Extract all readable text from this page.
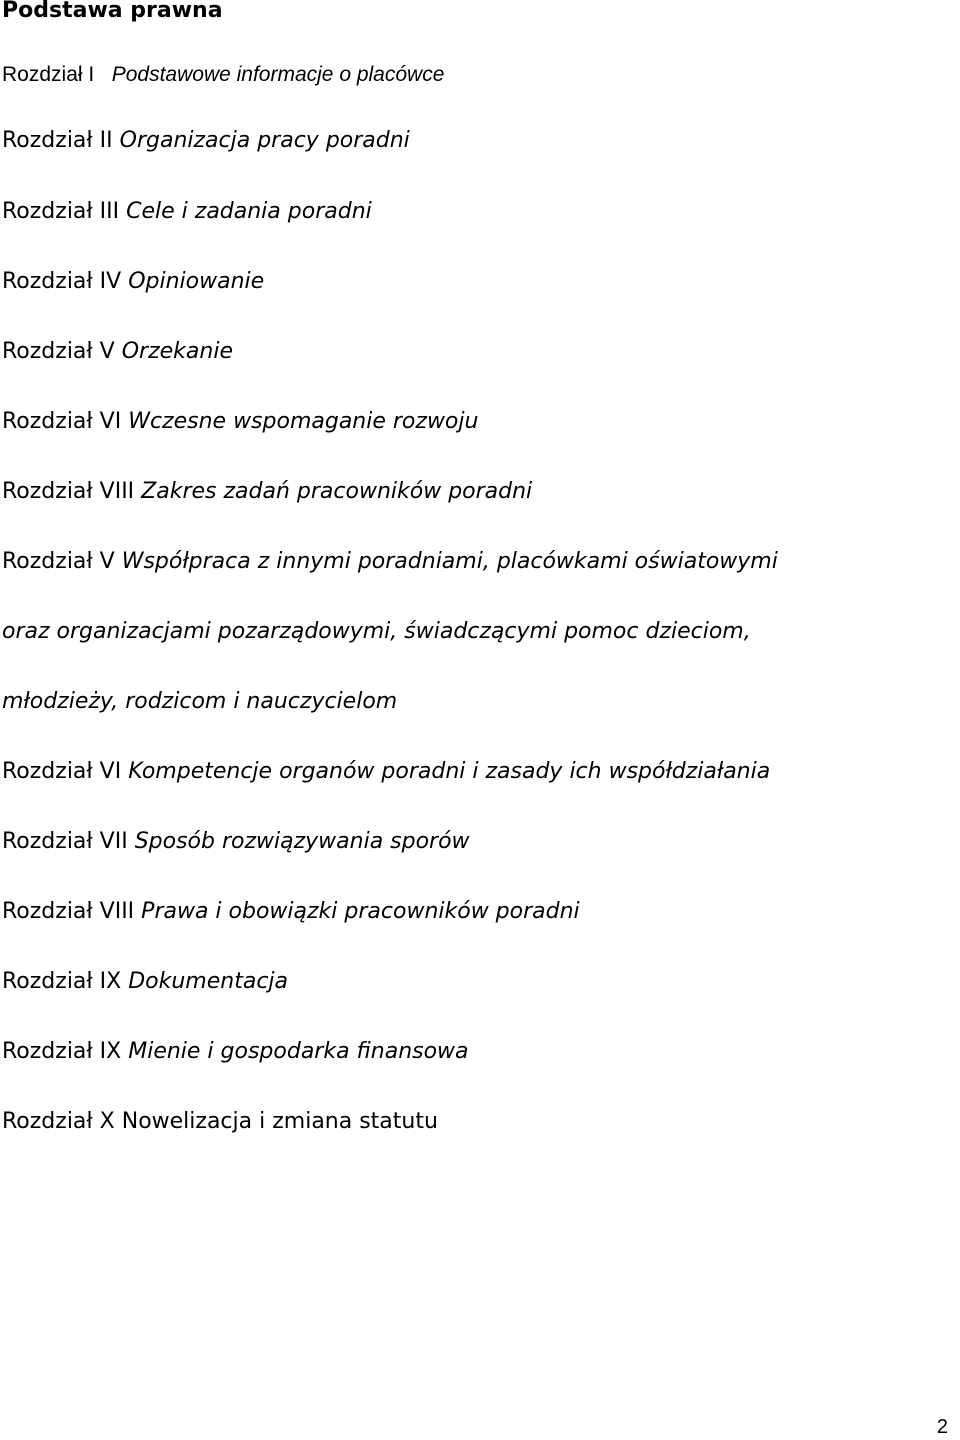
Podstawa prawna
Rozdział I Podstawowe informacje o placówce
Rozdział II Organizacja pracy poradni
Rozdział III Cele i zadania poradni
Rozdział IV Opiniowanie
Rozdział V Orzekanie
Rozdział VI Wczesne wspomaganie rozwoju
Rozdział VIII Zakres zadań pracowników poradni
Rozdział V Współpraca z innymi poradniami, placówkami oświatowymi
oraz organizacjami pozarządowymi, świadczącymi pomoc dzieciom,
młodzieży, rodzicom i nauczycielom
Rozdział VI Kompetencje organów poradni i zasady ich współdziałania
Rozdział VII Sposób rozwiązywania sporów
Rozdział VIII Prawa i obowiązki pracowników poradni
Rozdział IX Dokumentacja
Rozdział IX Mienie i gospodarka finansowa
Rozdział X Nowelizacja i zmiana statutu
2
